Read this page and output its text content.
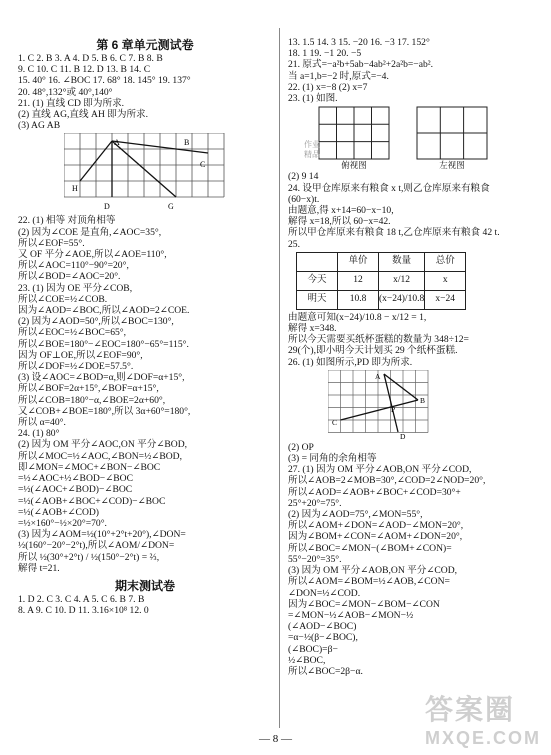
第 6 章单元测试卷
1. C 2. B 3. A 4. D 5. B 6. C 7. B 8. B
9. C 10. C 11. B 12. D 13. B 14. C
15. 40° 16. ∠BOC 17. 68° 18. 145° 19. 137°
20. 48°,132°或 40°,140°
21. (1) 直线 CD 即为所求.
(2) 直线 AG,直线 AH 即为所求.
(3) AG AB
A	B
C
D	G
H
22. (1) 相等 对顶角相等
(2) 因为∠COE 是直角,∠AOC=35°,
所以∠EOF=55°.
又 OF 平分∠AOE,所以∠AOE=110°,
所以∠AOC=110°−90°=20°,
所以∠BOD=∠AOC=20°.
23. (1) 因为 OE 平分∠COB,
所以∠COE=½∠COB.
因为∠AOD=∠BOC,所以∠AOD=2∠COE.
(2) 因为∠AOD=50°,所以∠BOC=130°,
所以∠EOC=½∠BOC=65°,
所以∠BOE=180°−∠EOC=180°−65°=115°.
因为 OF⊥OE,所以∠EOF=90°,
所以∠DOF=½∠DOE=57.5°.
(3) 设∠AOC=∠BOD=α,则∠DOF=α+15°,
所以∠BOF=2α+15°,∠BOF=α+15°,
所以∠COB=180°−α,∠BOE=2α+60°,
又∠COB+∠BOE=180°,所以 3α+60°=180°,
所以 α=40°.
24. (1) 80°
(2) 因为 OM 平分∠AOC,ON 平分∠BOD,
所以∠MOC=½∠AOC,∠BON=½∠BOD,
即∠MON=∠MOC+∠BON−∠BOC
=½∠AOC+½∠BOD−∠BOC
=½(∠AOC+∠BOD)−∠BOC
=½(∠AOB+∠BOC+∠COD)−∠BOC
=½(∠AOB+∠COD)
=½×160°−½×20°=70°.
(3) 因为∠AOM=½(10°+2°t+20°),∠DON=
½(160°−20°−2°t),所以∠AOM/∠DON=
所以 ½(30°+2°t) / ½(150°−2°t) = ⅔,
解得 t=21.
期末测试卷
1. D 2. C 3. C 4. A 5. C 6. B 7. B
8. A 9. C 10. D 11. 3.16×10⁸ 12. 0
13. 1.5 14. 3 15. −20 16. −3 17. 152°
18. 1 19. −1 20. −5
21. 原式=−a²b+5ab−4ab²+2a²b=−ab².
当 a=1,b=−2 时,原式=−4.
22. (1) x=−8 (2) x=7
23. (1) 如图.
俯视图	左视图
(2) 9 14
24. 设甲仓库原来有粮食 x t,则乙仓库原来有粮食
(60−x)t.
由题意,得 x+14=60−x−10,
解得 x=18,所以 60−x=42.
所以甲仓库原来有粮食 18 t,乙仓库原来有粮食 42 t.
25.
	单价	数量	总价
今天	12	x/12	x
明天	10.8	(x−24)/10.8	x−24
由题意可知(x−24)/10.8 − x/12 = 1,
解得 x=348.
所以今天需要买纸杯蛋糕的数量为 348÷12=
29(个),即小明今天计划买 29 个纸杯蛋糕.
26. (1) 如图所示,PD 即为所求.
A
B
P
C
D
(2) OP
(3) = 同角的余角相等
27. (1) 因为 OM 平分∠AOB,ON 平分∠COD,
所以∠AOB=2∠MOB=30°,∠COD=2∠NOD=20°,
所以∠AOD=∠AOB+∠BOC+∠COD=30°+
25°+20°=75°.
(2) 因为∠AOD=75°,∠MON=55°,
所以∠AOM+∠DON=∠AOD−∠MON=20°,
因为∠BOM+∠CON=∠AOM+∠DON=20°,
所以∠BOC=∠MON−(∠BOM+∠CON)=
55°−20°=35°.
(3) 因为 OM 平分∠AOB,ON 平分∠COD,
所以∠AOM=∠BOM=½∠AOB,∠CON=
∠DON=½∠COD.
因为∠BOC=∠MON−∠BOM−∠CON
=∠MON−½∠AOB−∠MON−½
(∠AOD−∠BOC)
=α−½(β−∠BOC),
(∠BOC)=β−
½∠BOC,
所以∠BOC=2β−α.
作业
精品
— 8 —
答案圈
MXQE.COM
